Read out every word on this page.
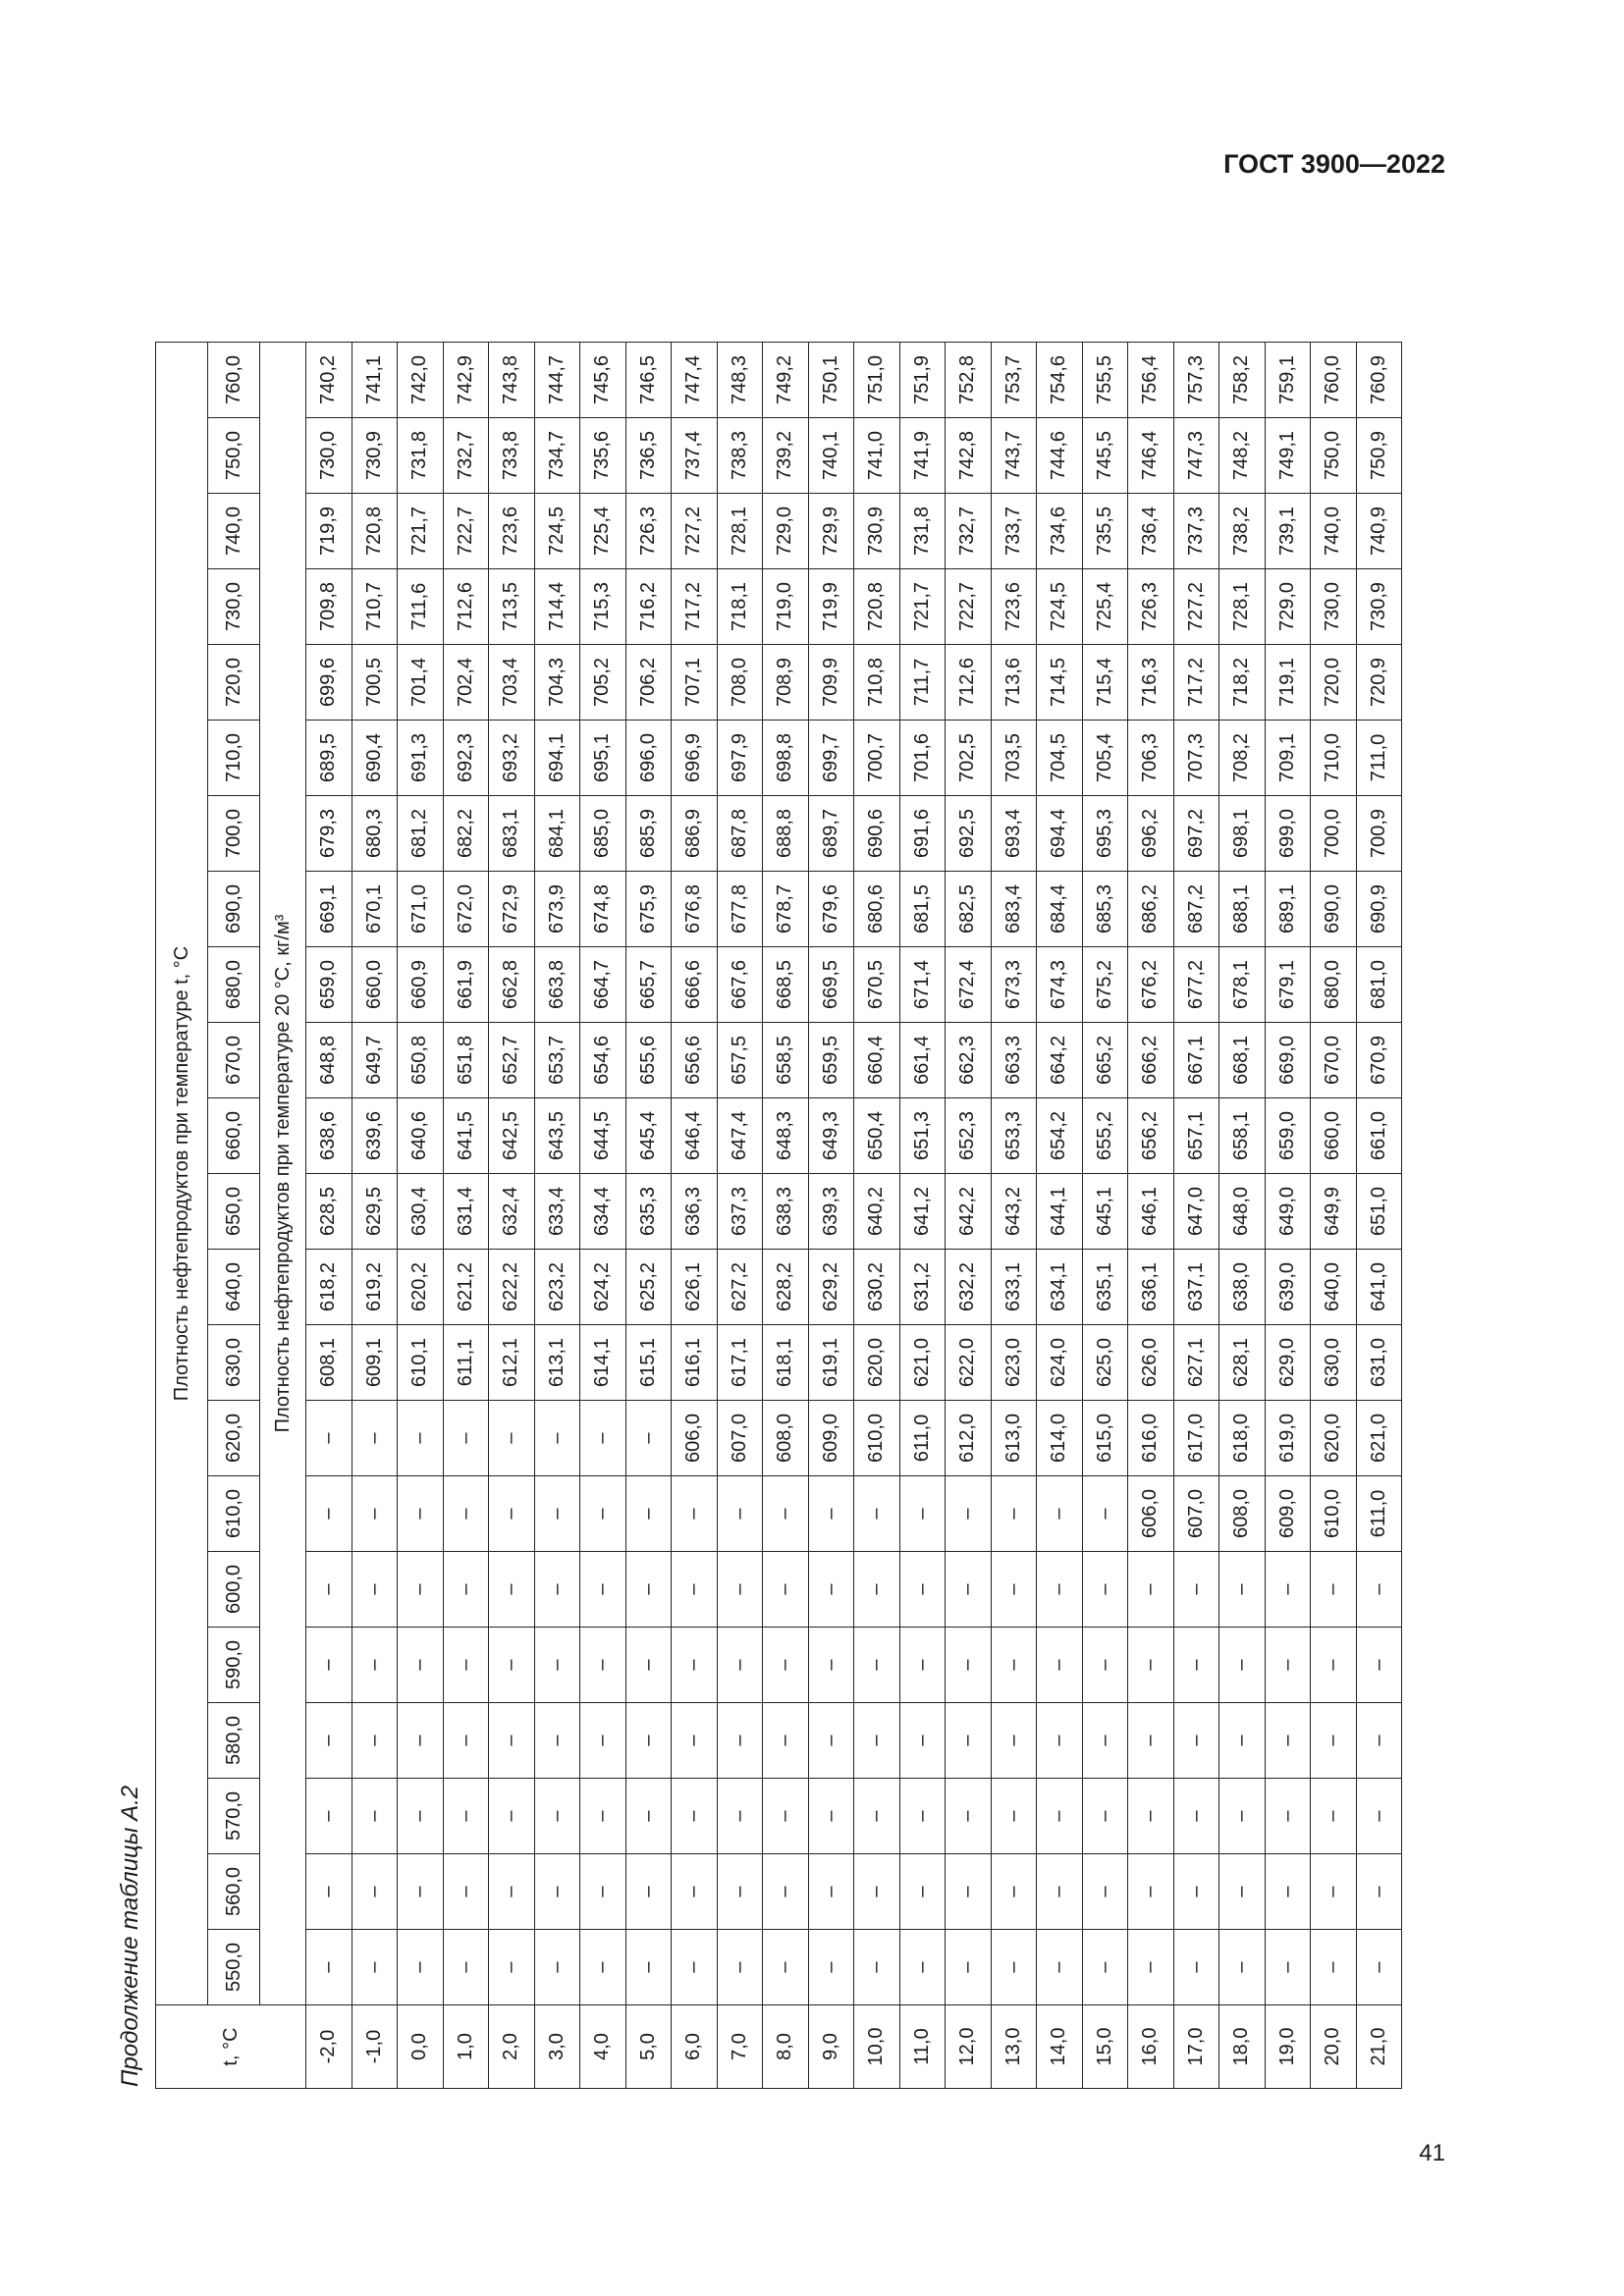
ГОСТ 3900—2022

Продолжение таблицы А.2	t, °C	Плотность нефтепродуктов при температуре t, °C																					
	550,0	560,0	570,0	580,0	590,0	600,0	610,0	620,0	630,0	640,0	650,0	660,0	670,0	680,0	690,0	700,0	710,0	720,0	730,0	740,0	750,0	760,0
	Плотность нефтепродуктов при температуре 20 °C, кг/м³																					
-2,0	–	–	–	–	–	–	–	–	608,1	618,2	628,5	638,6	648,8	659,0	669,1	679,3	689,5	699,6	709,8	719,9	730,0	740,2
-1,0	–	–	–	–	–	–	–	–	609,1	619,2	629,5	639,6	649,7	660,0	670,1	680,3	690,4	700,5	710,7	720,8	730,9	741,1
0,0	–	–	–	–	–	–	–	–	610,1	620,2	630,4	640,6	650,8	660,9	671,0	681,2	691,3	701,4	711,6	721,7	731,8	742,0
1,0	–	–	–	–	–	–	–	–	611,1	621,2	631,4	641,5	651,8	661,9	672,0	682,2	692,3	702,4	712,6	722,7	732,7	742,9
2,0	–	–	–	–	–	–	–	–	612,1	622,2	632,4	642,5	652,7	662,8	672,9	683,1	693,2	703,4	713,5	723,6	733,8	743,8
3,0	–	–	–	–	–	–	–	–	613,1	623,2	633,4	643,5	653,7	663,8	673,9	684,1	694,1	704,3	714,4	724,5	734,7	744,7
4,0	–	–	–	–	–	–	–	–	614,1	624,2	634,4	644,5	654,6	664,7	674,8	685,0	695,1	705,2	715,3	725,4	735,6	745,6
5,0	–	–	–	–	–	–	–	–	615,1	625,2	635,3	645,4	655,6	665,7	675,9	685,9	696,0	706,2	716,2	726,3	736,5	746,5
6,0	–	–	–	–	–	–	–	606,0	616,1	626,1	636,3	646,4	656,6	666,6	676,8	686,9	696,9	707,1	717,2	727,2	737,4	747,4
7,0	–	–	–	–	–	–	–	607,0	617,1	627,2	637,3	647,4	657,5	667,6	677,8	687,8	697,9	708,0	718,1	728,1	738,3	748,3
8,0	–	–	–	–	–	–	–	608,0	618,1	628,2	638,3	648,3	658,5	668,5	678,7	688,8	698,8	708,9	719,0	729,0	739,2	749,2
9,0	–	–	–	–	–	–	–	609,0	619,1	629,2	639,3	649,3	659,5	669,5	679,6	689,7	699,7	709,9	719,9	729,9	740,1	750,1
10,0	–	–	–	–	–	–	–	610,0	620,0	630,2	640,2	650,4	660,4	670,5	680,6	690,6	700,7	710,8	720,8	730,9	741,0	751,0
11,0	–	–	–	–	–	–	–	611,0	621,0	631,2	641,2	651,3	661,4	671,4	681,5	691,6	701,6	711,7	721,7	731,8	741,9	751,9
12,0	–	–	–	–	–	–	–	612,0	622,0	632,2	642,2	652,3	662,3	672,4	682,5	692,5	702,5	712,6	722,7	732,7	742,8	752,8
13,0	–	–	–	–	–	–	–	613,0	623,0	633,1	643,2	653,3	663,3	673,3	683,4	693,4	703,5	713,6	723,6	733,7	743,7	753,7
14,0	–	–	–	–	–	–	–	614,0	624,0	634,1	644,1	654,2	664,2	674,3	684,4	694,4	704,5	714,5	724,5	734,6	744,6	754,6
15,0	–	–	–	–	–	–	–	615,0	625,0	635,1	645,1	655,2	665,2	675,2	685,3	695,3	705,4	715,4	725,4	735,5	745,5	755,5
16,0	–	–	–	–	–	–	606,0	616,0	626,0	636,1	646,1	656,2	666,2	676,2	686,2	696,2	706,3	716,3	726,3	736,4	746,4	756,4
17,0	–	–	–	–	–	–	607,0	617,0	627,1	637,1	647,0	657,1	667,1	677,2	687,2	697,2	707,3	717,2	727,2	737,3	747,3	757,3
18,0	–	–	–	–	–	–	608,0	618,0	628,1	638,0	648,0	658,1	668,1	678,1	688,1	698,1	708,2	718,2	728,1	738,2	748,2	758,2
19,0	–	–	–	–	–	–	609,0	619,0	629,0	639,0	649,0	659,0	669,0	679,1	689,1	699,0	709,1	719,1	729,0	739,1	749,1	759,1
20,0	–	–	–	–	–	–	610,0	620,0	630,0	640,0	649,9	660,0	670,0	680,0	690,0	700,0	710,0	720,0	730,0	740,0	750,0	760,0
21,0	–	–	–	–	–	–	611,0	621,0	631,0	641,0	651,0	661,0	670,9	681,0	690,9	700,9	711,0	720,9	730,9	740,9	750,9	760,9

41
